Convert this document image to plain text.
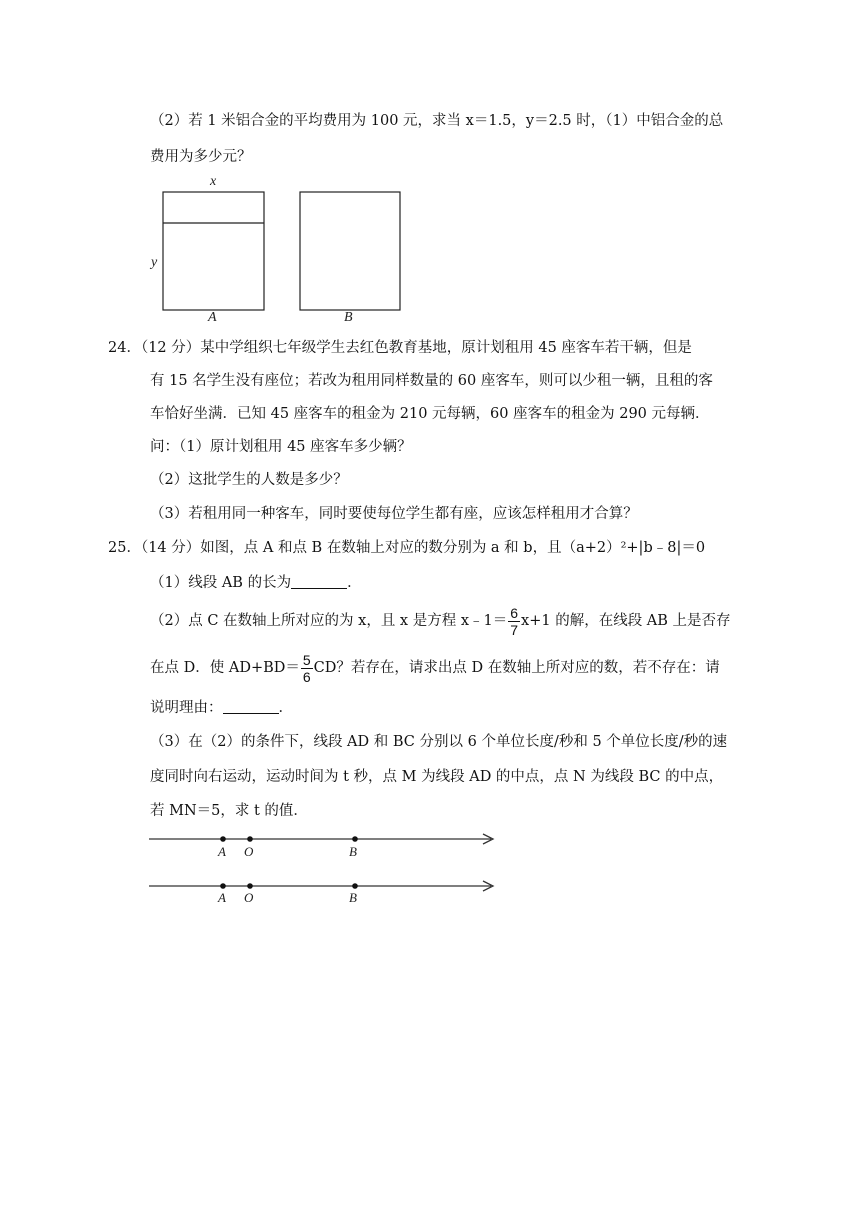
（2）若 1 米铝合金的平均费用为 100 元，求当 x＝1.5，y＝2.5 时，（1）中铝合金的总
费用为多少元？
x
y
A	B
24．（12 分）某中学组织七年级学生去红色教育基地，原计划租用 45 座客车若干辆，但是
有 15 名学生没有座位；若改为租用同样数量的 60 座客车，则可以少租一辆，且租的客
车恰好坐满．已知 45 座客车的租金为 210 元每辆，60 座客车的租金为 290 元每辆．
问：（1）原计划租用 45 座客车多少辆？
（2）这批学生的人数是多少？
（3）若租用同一种客车，同时要使每位学生都有座，应该怎样租用才合算？
25．（14 分）如图，点 A 和点 B 在数轴上对应的数分别为 a 和 b，且（a+2）²+|b﹣8|＝0
（1）线段 AB 的长为	．
（2）点 C 在数轴上所对应的为 x，且 x 是方程 x﹣1＝ $\frac{6}{7} x+1$ 的解，在线段 AB 上是否存
在点 D．使 $AD+BD= \frac{5}{6}$ CD？若存在，请求出点 D 在数轴上所对应的数，若不存在：请
说明理由：	．
（3）在（2）的条件下，线段 AD 和 BC 分别以 6 个单位长度/秒和 5 个单位长度/秒的速
度同时向右运动，运动时间为 t 秒，点 M 为线段 AD 的中点，点 N 为线段 BC 的中点，
若 MN＝5，求 t 的值．
A O	B
A O	B
